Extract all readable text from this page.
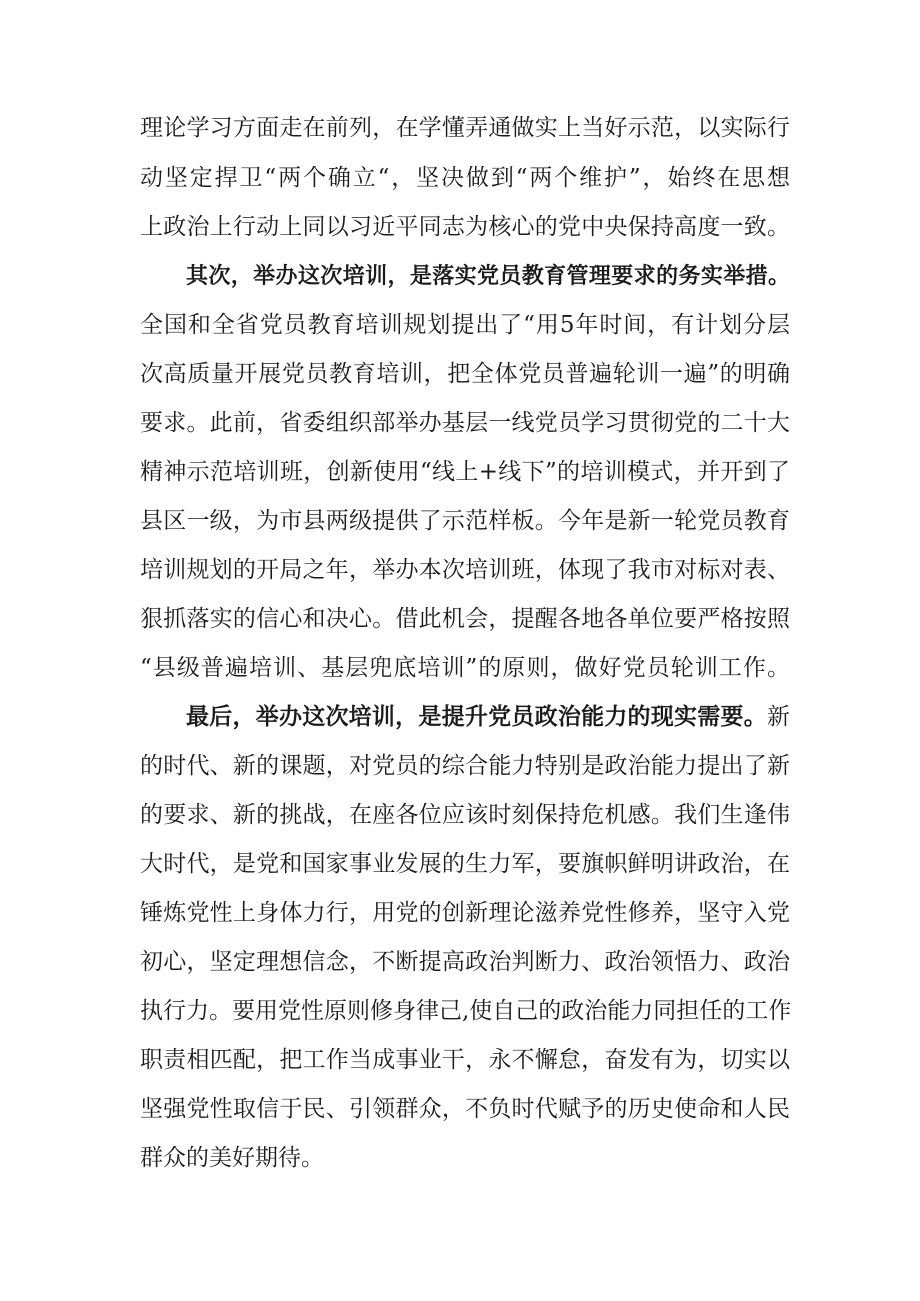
理论学习方面走在前列，在学懂弄通做实上当好示范，以实际行
动坚定捍卫“两个确立“，坚决做到“两个维护”，始终在思想
上政治上行动上同以习近平同志为核心的党中央保持高度一致。
其次，举办这次培训，是落实党员教育管理要求的务实举措。
全国和全省党员教育培训规划提出了“用5年时间，有计划分层
次高质量开展党员教育培训，把全体党员普遍轮训一遍”的明确
要求。此前，省委组织部举办基层一线党员学习贯彻党的二十大
精神示范培训班，创新使用“线上+线下”的培训模式，并开到了
县区一级，为市县两级提供了示范样板。今年是新一轮党员教育
培训规划的开局之年，举办本次培训班，体现了我市对标对表、
狠抓落实的信心和决心。借此机会，提醒各地各单位要严格按照
“县级普遍培训、基层兜底培训”的原则，做好党员轮训工作。
最后，举办这次培训，是提升党员政治能力的现实需要。新
的时代、新的课题，对党员的综合能力特别是政治能力提出了新
的要求、新的挑战，在座各位应该时刻保持危机感。我们生逢伟
大时代，是党和国家事业发展的生力军，要旗帜鲜明讲政治，在
锤炼党性上身体力行，用党的创新理论滋养党性修养，坚守入党
初心，坚定理想信念，不断提高政治判断力、政治领悟力、政治
执行力。要用党性原则修身律己,使自己的政治能力同担任的工作
职责相匹配，把工作当成事业干，永不懈怠，奋发有为，切实以
坚强党性取信于民、引领群众，不负时代赋予的历史使命和人民
群众的美好期待。
